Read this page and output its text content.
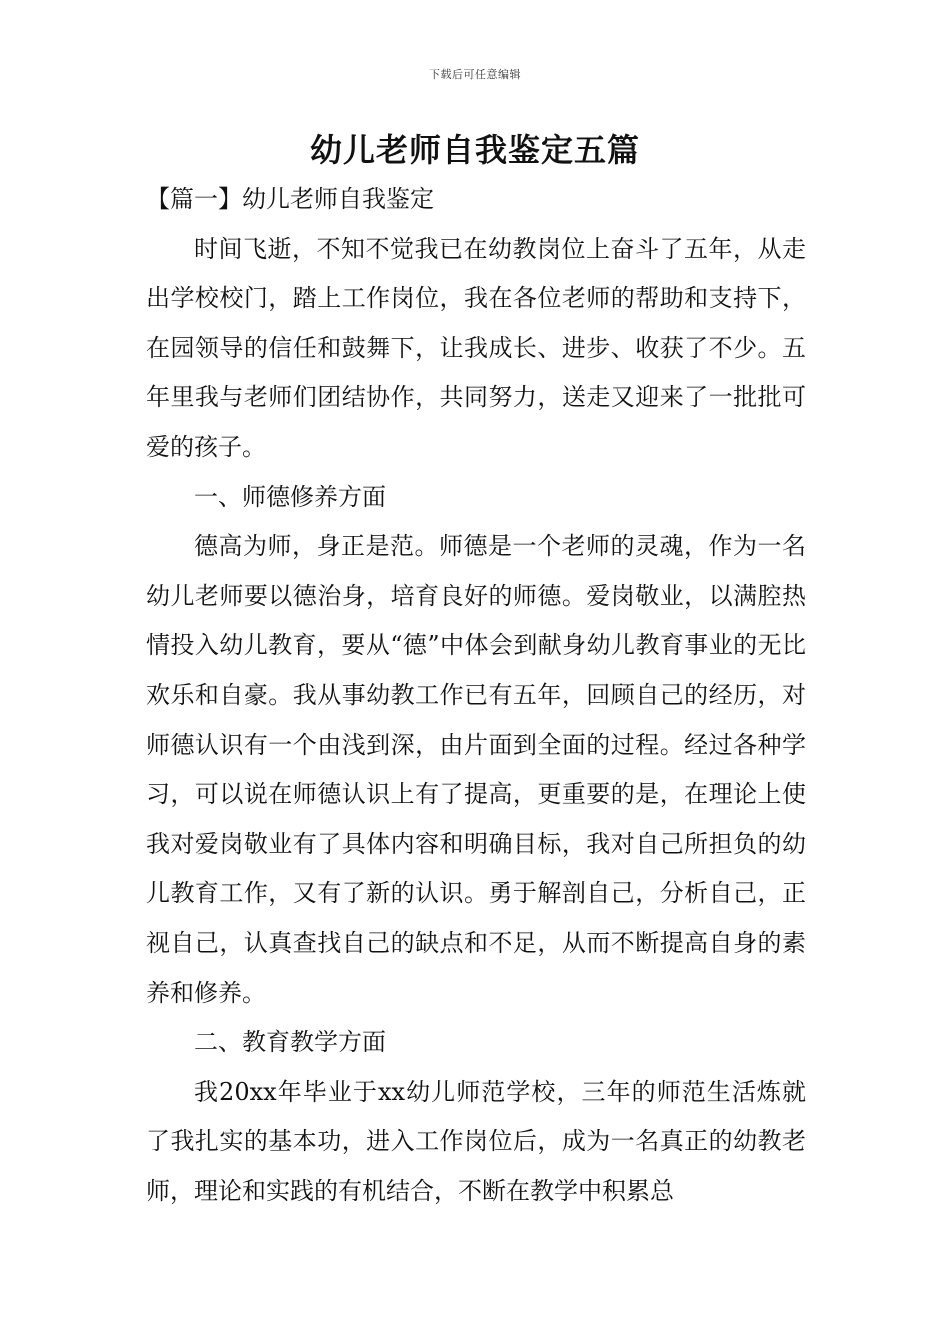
下载后可任意编辑
幼儿老师自我鉴定五篇

【篇一】幼儿老师自我鉴定

时间飞逝，不知不觉我已在幼教岗位上奋斗了五年，从走出学校校门，踏上工作岗位，我在各位老师的帮助和支持下，在园领导的信任和鼓舞下，让我成长、进步、收获了不少。五年里我与老师们团结协作，共同努力，送走又迎来了一批批可爱的孩子。

一、师德修养方面

德高为师，身正是范。师德是一个老师的灵魂，作为一名幼儿老师要以德治身，培育良好的师德。爱岗敬业，以满腔热情投入幼儿教育，要从“德”中体会到献身幼儿教育事业的无比欢乐和自豪。我从事幼教工作已有五年，回顾自己的经历，对师德认识有一个由浅到深，由片面到全面的过程。经过各种学习，可以说在师德认识上有了提高，更重要的是，在理论上使我对爱岗敬业有了具体内容和明确目标，我对自己所担负的幼儿教育工作，又有了新的认识。勇于解剖自己，分析自己，正视自己，认真查找自己的缺点和不足，从而不断提高自身的素养和修养。

二、教育教学方面

我20xx年毕业于xx幼儿师范学校，三年的师范生活炼就了我扎实的基本功，进入工作岗位后，成为一名真正的幼教老师，理论和实践的有机结合，不断在教学中积累总
